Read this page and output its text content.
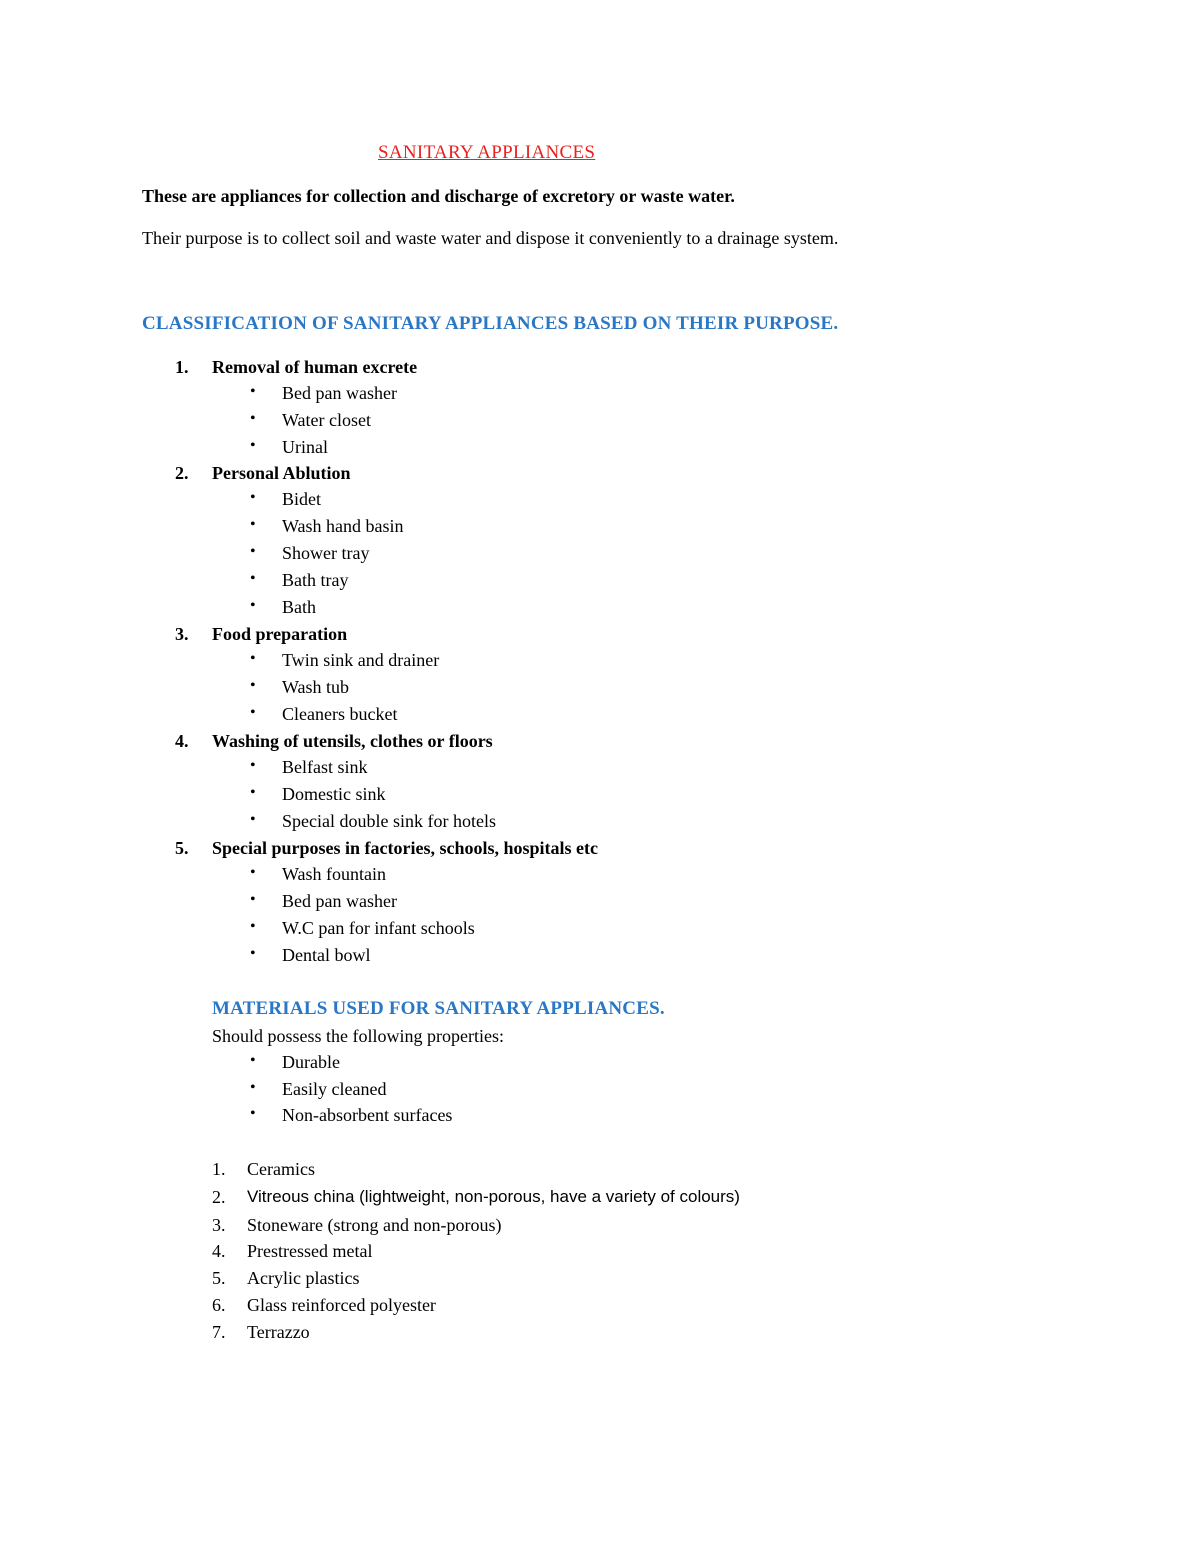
SANITARY APPLIANCES
These are appliances for collection and discharge of excretory or waste water.
Their purpose is to collect soil and waste water and dispose it conveniently to a drainage system.
CLASSIFICATION OF SANITARY APPLIANCES BASED ON THEIR PURPOSE.
1. Removal of human excrete
• Bed pan washer
• Water closet
• Urinal
2. Personal Ablution
• Bidet
• Wash hand basin
• Shower tray
• Bath tray
• Bath
3. Food preparation
• Twin sink and drainer
• Wash tub
• Cleaners bucket
4. Washing of utensils, clothes or floors
• Belfast sink
• Domestic sink
• Special double sink for hotels
5. Special purposes in factories, schools, hospitals etc
• Wash fountain
• Bed pan washer
• W.C pan for infant schools
• Dental bowl
MATERIALS USED FOR SANITARY APPLIANCES.
Should possess the following properties:
• Durable
• Easily cleaned
• Non-absorbent surfaces
1. Ceramics
2. Vitreous china (lightweight, non-porous, have a variety of colours)
3. Stoneware (strong and non-porous)
4. Prestressed metal
5. Acrylic plastics
6. Glass reinforced polyester
7. Terrazzo
